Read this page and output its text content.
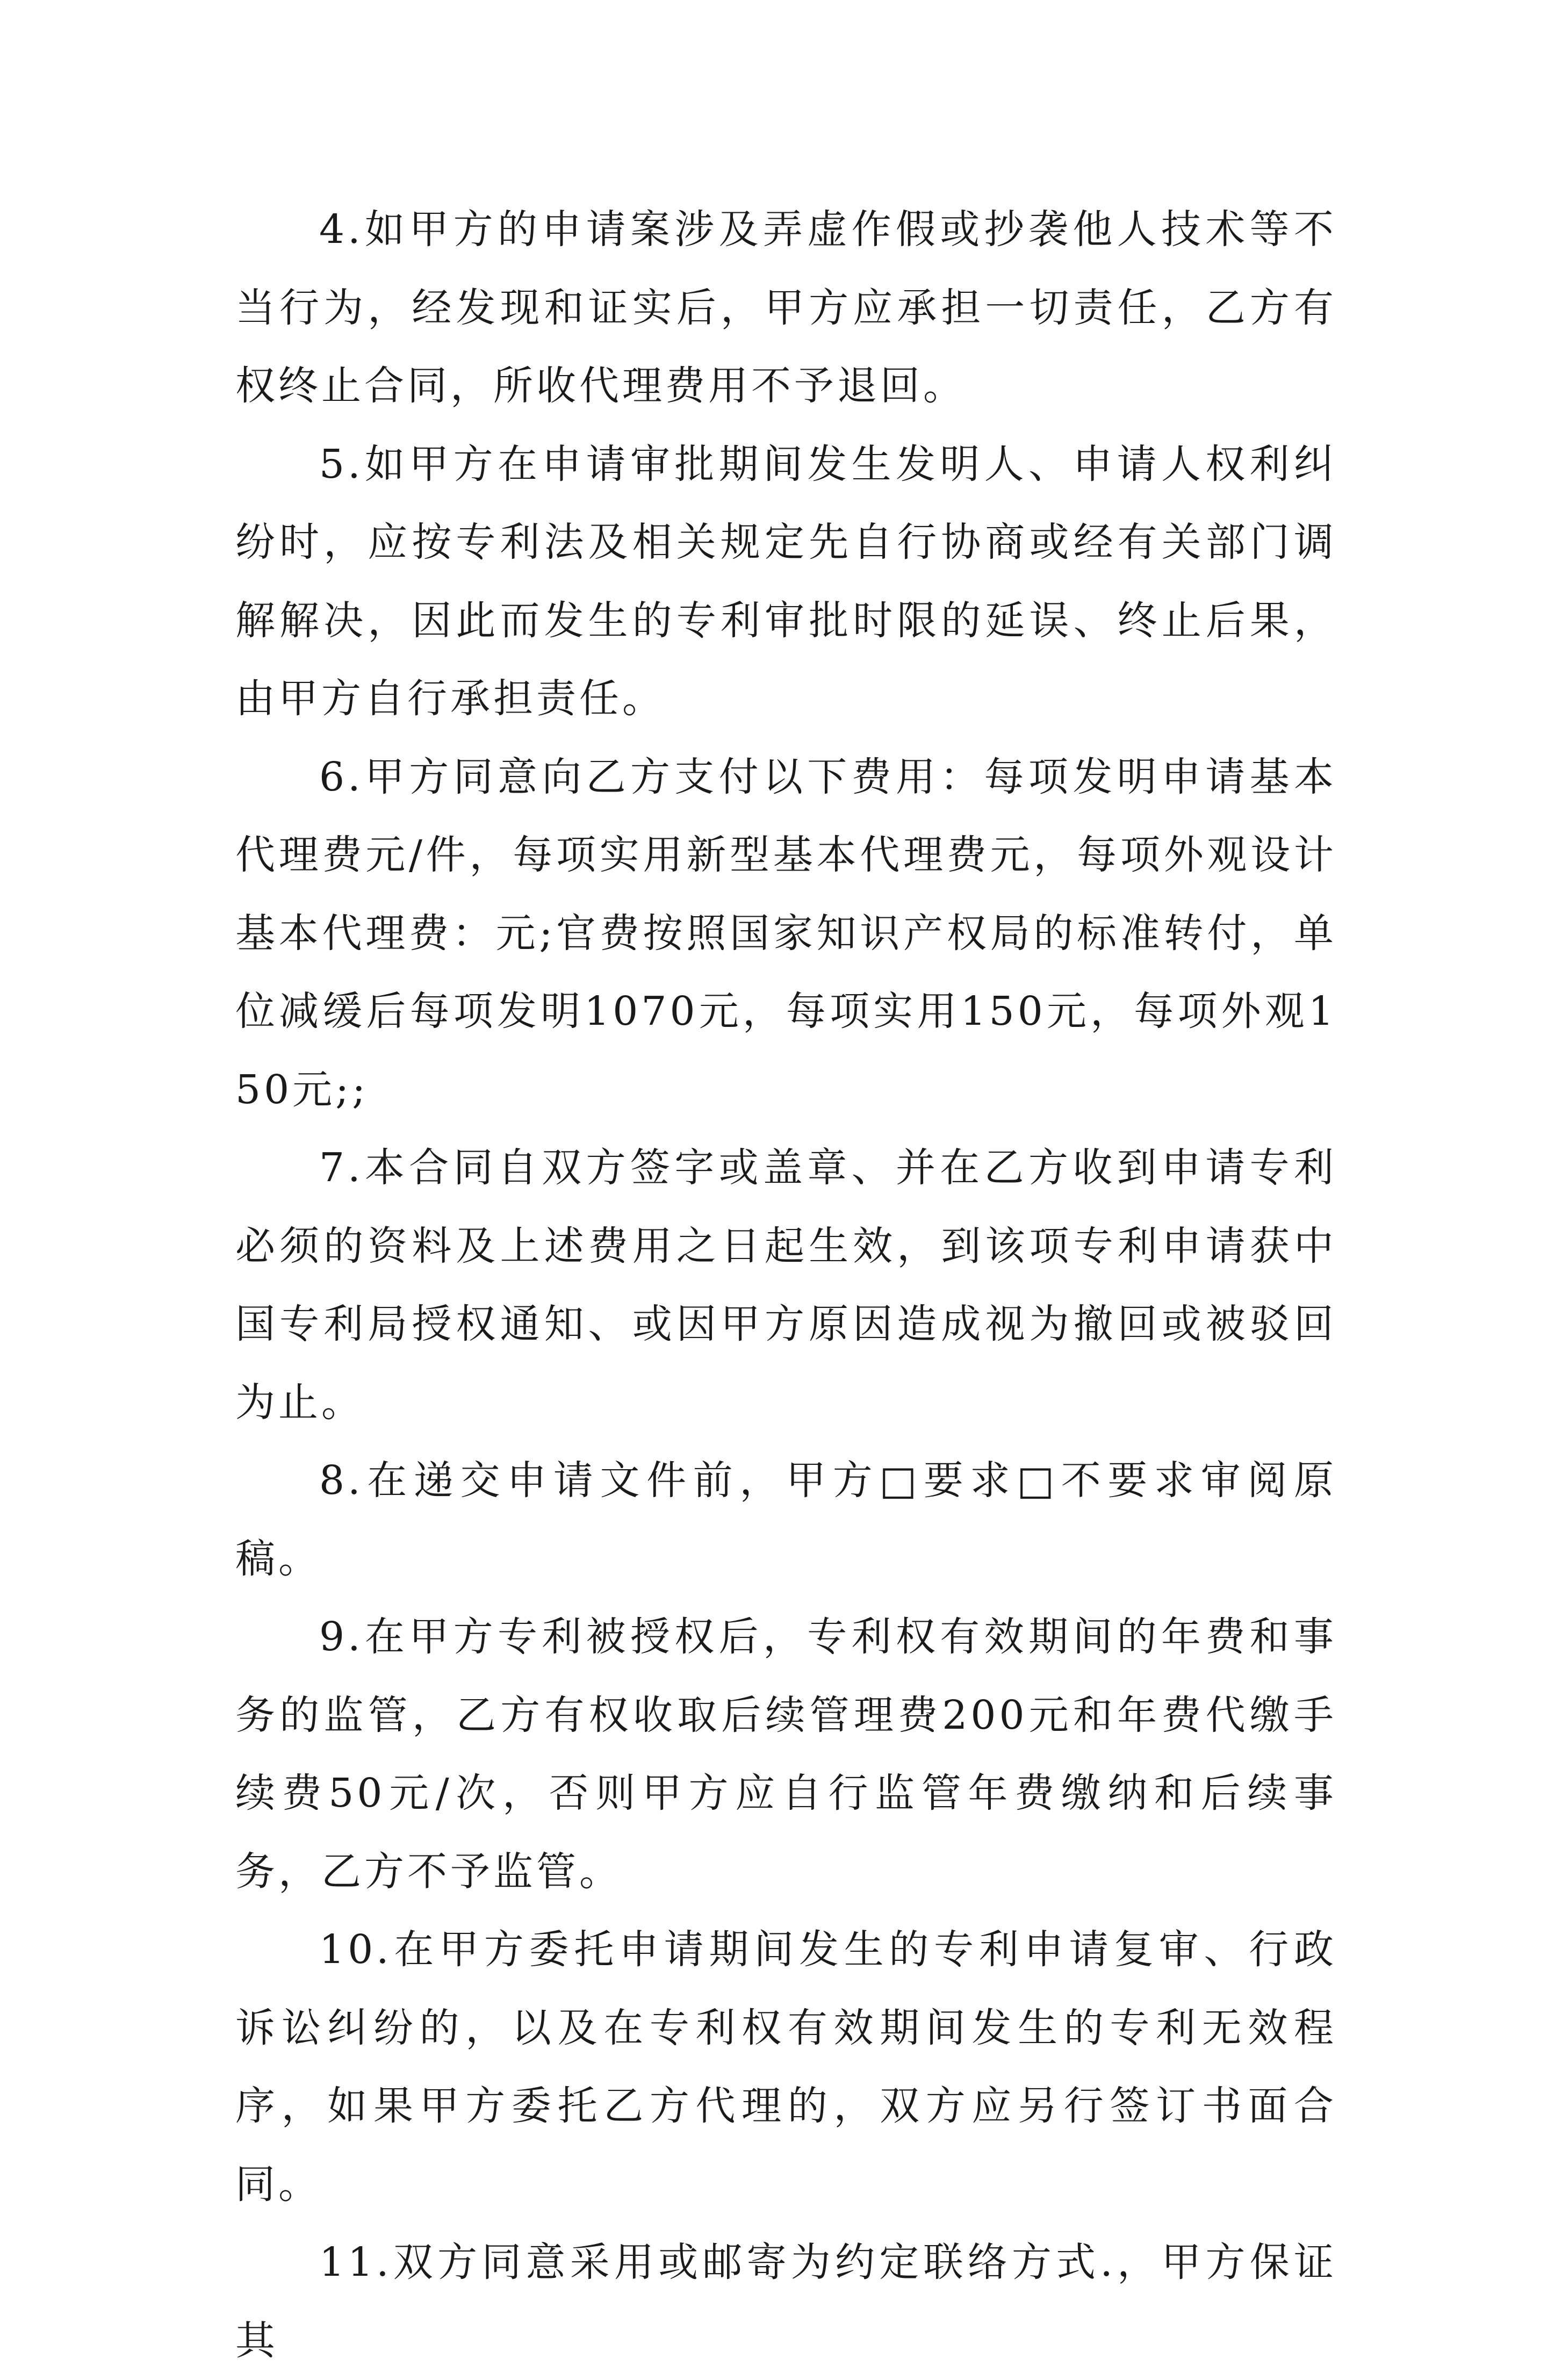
4.如甲方的申请案涉及弄虚作假或抄袭他人技术等不当行为，经发现和证实后，甲方应承担一切责任，乙方有权终止合同，所收代理费用不予退回。

5.如甲方在申请审批期间发生发明人、申请人权利纠纷时，应按专利法及相关规定先自行协商或经有关部门调解解决，因此而发生的专利审批时限的延误、终止后果，由甲方自行承担责任。

6.甲方同意向乙方支付以下费用：每项发明申请基本代理费元/件，每项实用新型基本代理费元，每项外观设计基本代理费：元;官费按照国家知识产权局的标准转付，单位减缓后每项发明1070元，每项实用150元，每项外观150元;;

7.本合同自双方签字或盖章、并在乙方收到申请专利必须的资料及上述费用之日起生效，到该项专利申请获中国专利局授权通知、或因甲方原因造成视为撤回或被驳回为止。

8.在递交申请文件前，甲方□要求□不要求审阅原稿。

9.在甲方专利被授权后，专利权有效期间的年费和事务的监管，乙方有权收取后续管理费200元和年费代缴手续费50元/次，否则甲方应自行监管年费缴纳和后续事务，乙方不予监管。

10.在甲方委托申请期间发生的专利申请复审、行政诉讼纠纷的，以及在专利权有效期间发生的专利无效程序，如果甲方委托乙方代理的，双方应另行签订书面合同。

11.双方同意采用或邮寄为约定联络方式.，甲方保证其
